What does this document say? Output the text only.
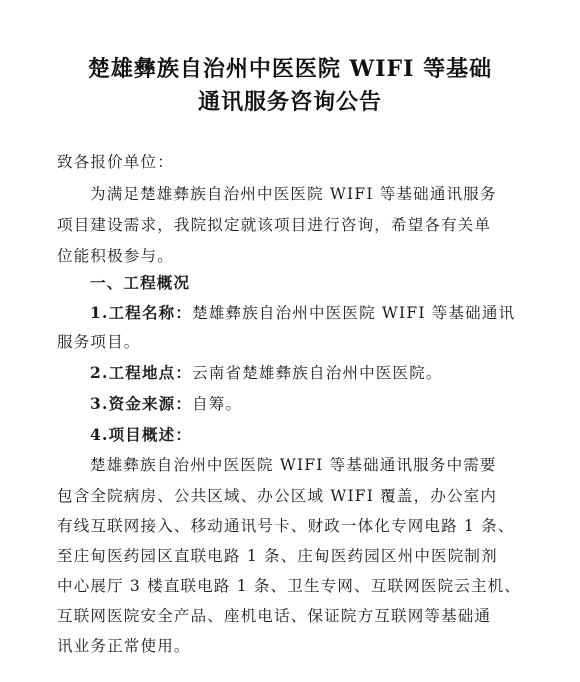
楚雄彝族自治州中医医院 WIFI 等基础
通讯服务咨询公告
致各报价单位：
为满足楚雄彝族自治州中医医院 WIFI 等基础通讯服务
项目建设需求，我院拟定就该项目进行咨询，希望各有关单
位能积极参与。
一、工程概况
1.工程名称：楚雄彝族自治州中医医院 WIFI 等基础通讯
服务项目。
2.工程地点：云南省楚雄彝族自治州中医医院。
3.资金来源：自筹。
4.项目概述：
楚雄彝族自治州中医医院 WIFI 等基础通讯服务中需要
包含全院病房、公共区域、办公区域 WIFI 覆盖，办公室内
有线互联网接入、移动通讯号卡、财政一体化专网电路 1 条、
至庄甸医药园区直联电路 1 条、庄甸医药园区州中医院制剂
中心展厅 3 楼直联电路 1 条、卫生专网、互联网医院云主机、
互联网医院安全产品、座机电话、保证院方互联网等基础通
讯业务正常使用。
